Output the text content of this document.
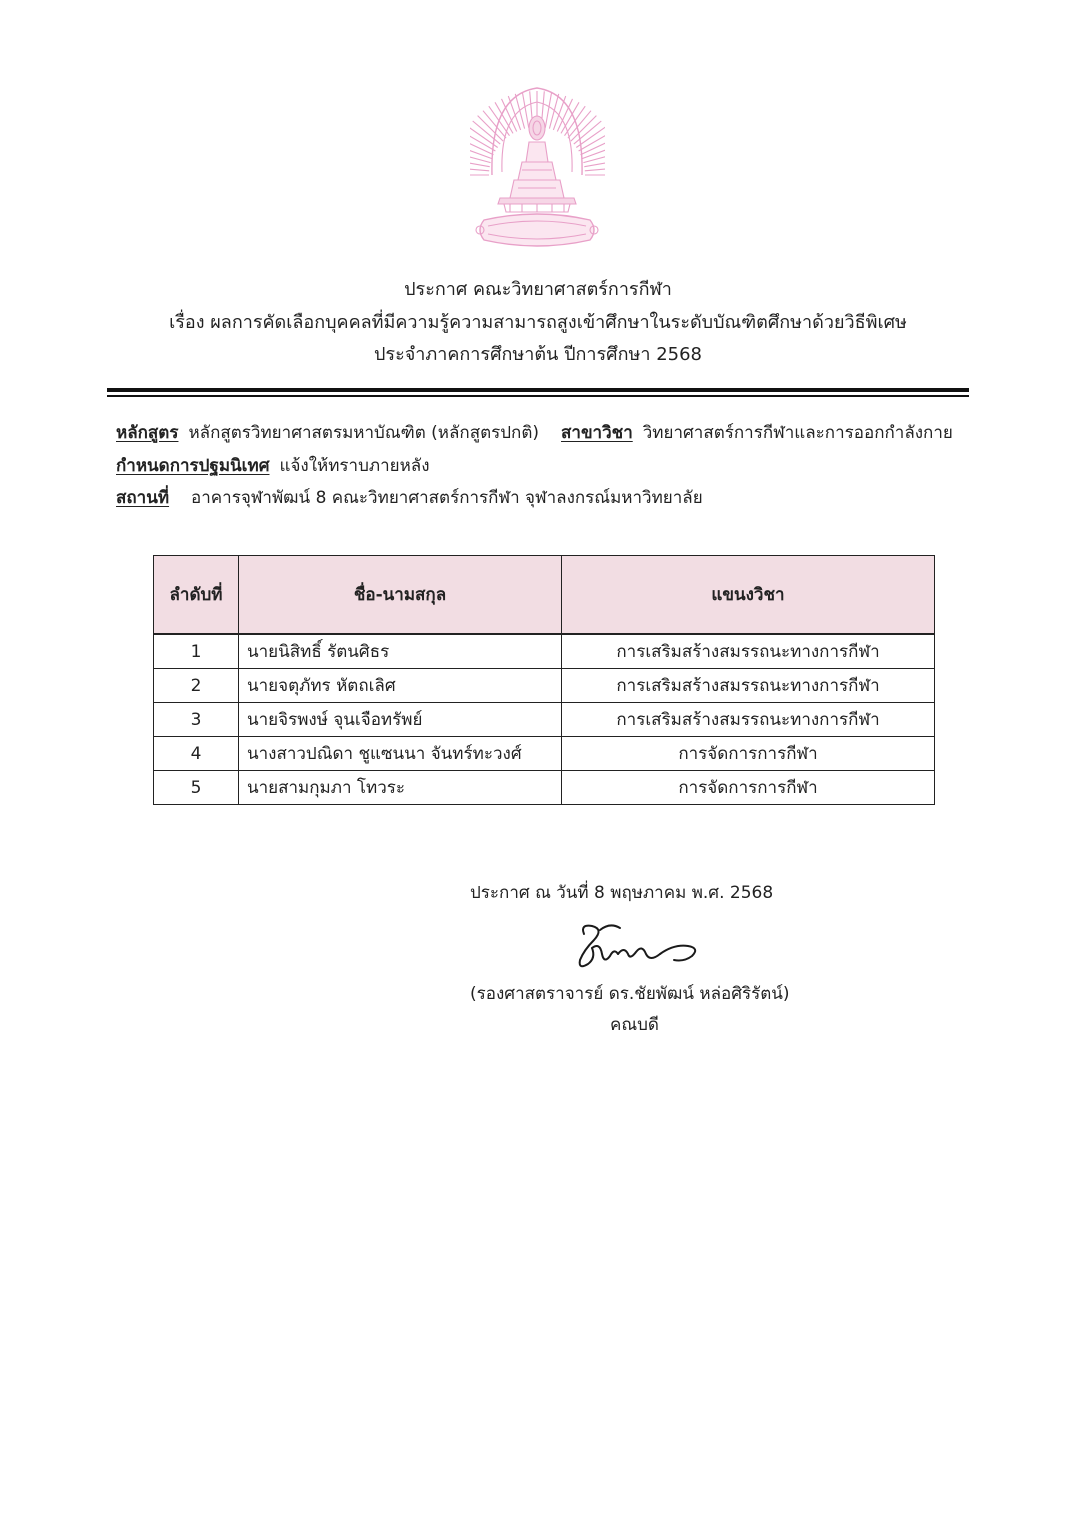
ประกาศ คณะวิทยาศาสตร์การกีฬา
เรื่อง ผลการคัดเลือกบุคคลที่มีความรู้ความสามารถสูงเข้าศึกษาในระดับบัณฑิตศึกษาด้วยวิธีพิเศษ
ประจำภาคการศึกษาต้น ปีการศึกษา 2568
หลักสูตร หลักสูตรวิทยาศาสตรมหาบัณฑิต (หลักสูตรปกติ) สาขาวิชา วิทยาศาสตร์การกีฬาและการออกกำลังกาย
กำหนดการปฐมนิเทศ แจ้งให้ทราบภายหลัง
สถานที่ อาคารจุฬาพัฒน์ 8 คณะวิทยาศาสตร์การกีฬา จุฬาลงกรณ์มหาวิทยาลัย
ลำดับที่	ชื่อ-นามสกุล	แขนงวิชา
1	นายนิสิทธิ์ รัตนศิธร	การเสริมสร้างสมรรถนะทางการกีฬา
2	นายจตุภัทร หัตถเลิศ	การเสริมสร้างสมรรถนะทางการกีฬา
3	นายจิรพงษ์ จุนเจือทรัพย์	การเสริมสร้างสมรรถนะทางการกีฬา
4	นางสาวปณิดา ชูแซนนา จันทร์ทะวงศ์	การจัดการการกีฬา
5	นายสามกุมภา โทวระ	การจัดการการกีฬา
ประกาศ ณ วันที่ 8 พฤษภาคม พ.ศ. 2568
(รองศาสตราจารย์ ดร.ชัยพัฒน์ หล่อศิริรัตน์)
คณบดี
